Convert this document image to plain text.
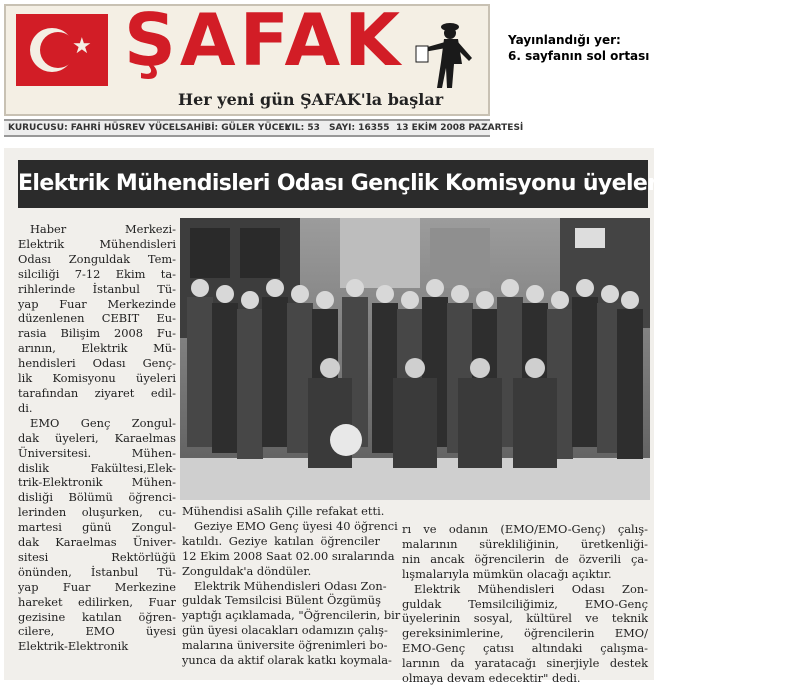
★ ŞAFAK
Her yeni gün ŞAFAK'la başlar
KURUCUSU: FAHRİ HÜSREV YÜCEL SAHİBİ: GÜLER YÜCEL
YIL: 53 SAYI: 16355 13 EKİM 2008 PAZARTESİ
Yayınlandığı yer:
6. sayfanın sol ortası
Elektrik Mühendisleri Odası Gençlik Komisyonu üyeleri İstanbul'da
Haber Merkezi-
Elektrik Mühendisleri
Odası Zonguldak Tem-
silciliği 7-12 Ekim ta-
rihlerinde İstanbul Tü-
yap Fuar Merkezinde
düzenlenen CEBIT Eu-
rasia Bilişim 2008 Fu-
arının, Elektrik Mü-
hendisleri Odası Genç-
lik Komisyonu üyeleri
tarafından ziyaret edil-
di.
EMO Genç Zongul-
dak üyeleri, Karaelmas
Üniversitesi. Mühen-
dislik Fakültesi,Elek-
trik-Elektronik Mühen-
disliği Bölümü öğrenci-
lerinden oluşurken, cu-
martesi günü Zongul-
dak Karaelmas Üniver-
sitesi Rektörlüğü
önünden, İstanbul Tü-
yap Fuar Merkezine
hareket edilirken, Fuar
gezisine katılan öğren-
cilere, EMO üyesi
Elektrik-Elektronik
Mühendisi aSalih Çille refakat etti.
Geziye EMO Genç üyesi 40 öğrenci
katıldı. Geziye katılan öğrenciler
12 Ekim 2008 Saat 02.00 sıralarında
Zonguldak'a döndüler.
Elektrik Mühendisleri Odası Zon-
guldak Temsilcisi Bülent Özgümüş
yaptığı açıklamada, "Öğrencilerin, bir
gün üyesi olacakları odamızın çalış-
malarına üniversite öğrenimleri bo-
yunca da aktif olarak katkı koymala-
rı ve odanın (EMO/EMO-Genç) çalış-
malarının sürekliliğinin, üretkenliği-
nin ancak öğrencilerin de özverili ça-
lışmalarıyla mümkün olacağı açıktır.
Elektrik Mühendisleri Odası Zon-
guldak Temsilciliğimiz, EMO-Genç
üyelerinin sosyal, kültürel ve teknik
gereksinimlerine, öğrencilerin EMO/
EMO-Genç çatısı altındaki çalışma-
larının da yaratacağı sinerjiyle destek
olmaya devam edecektir" dedi.
